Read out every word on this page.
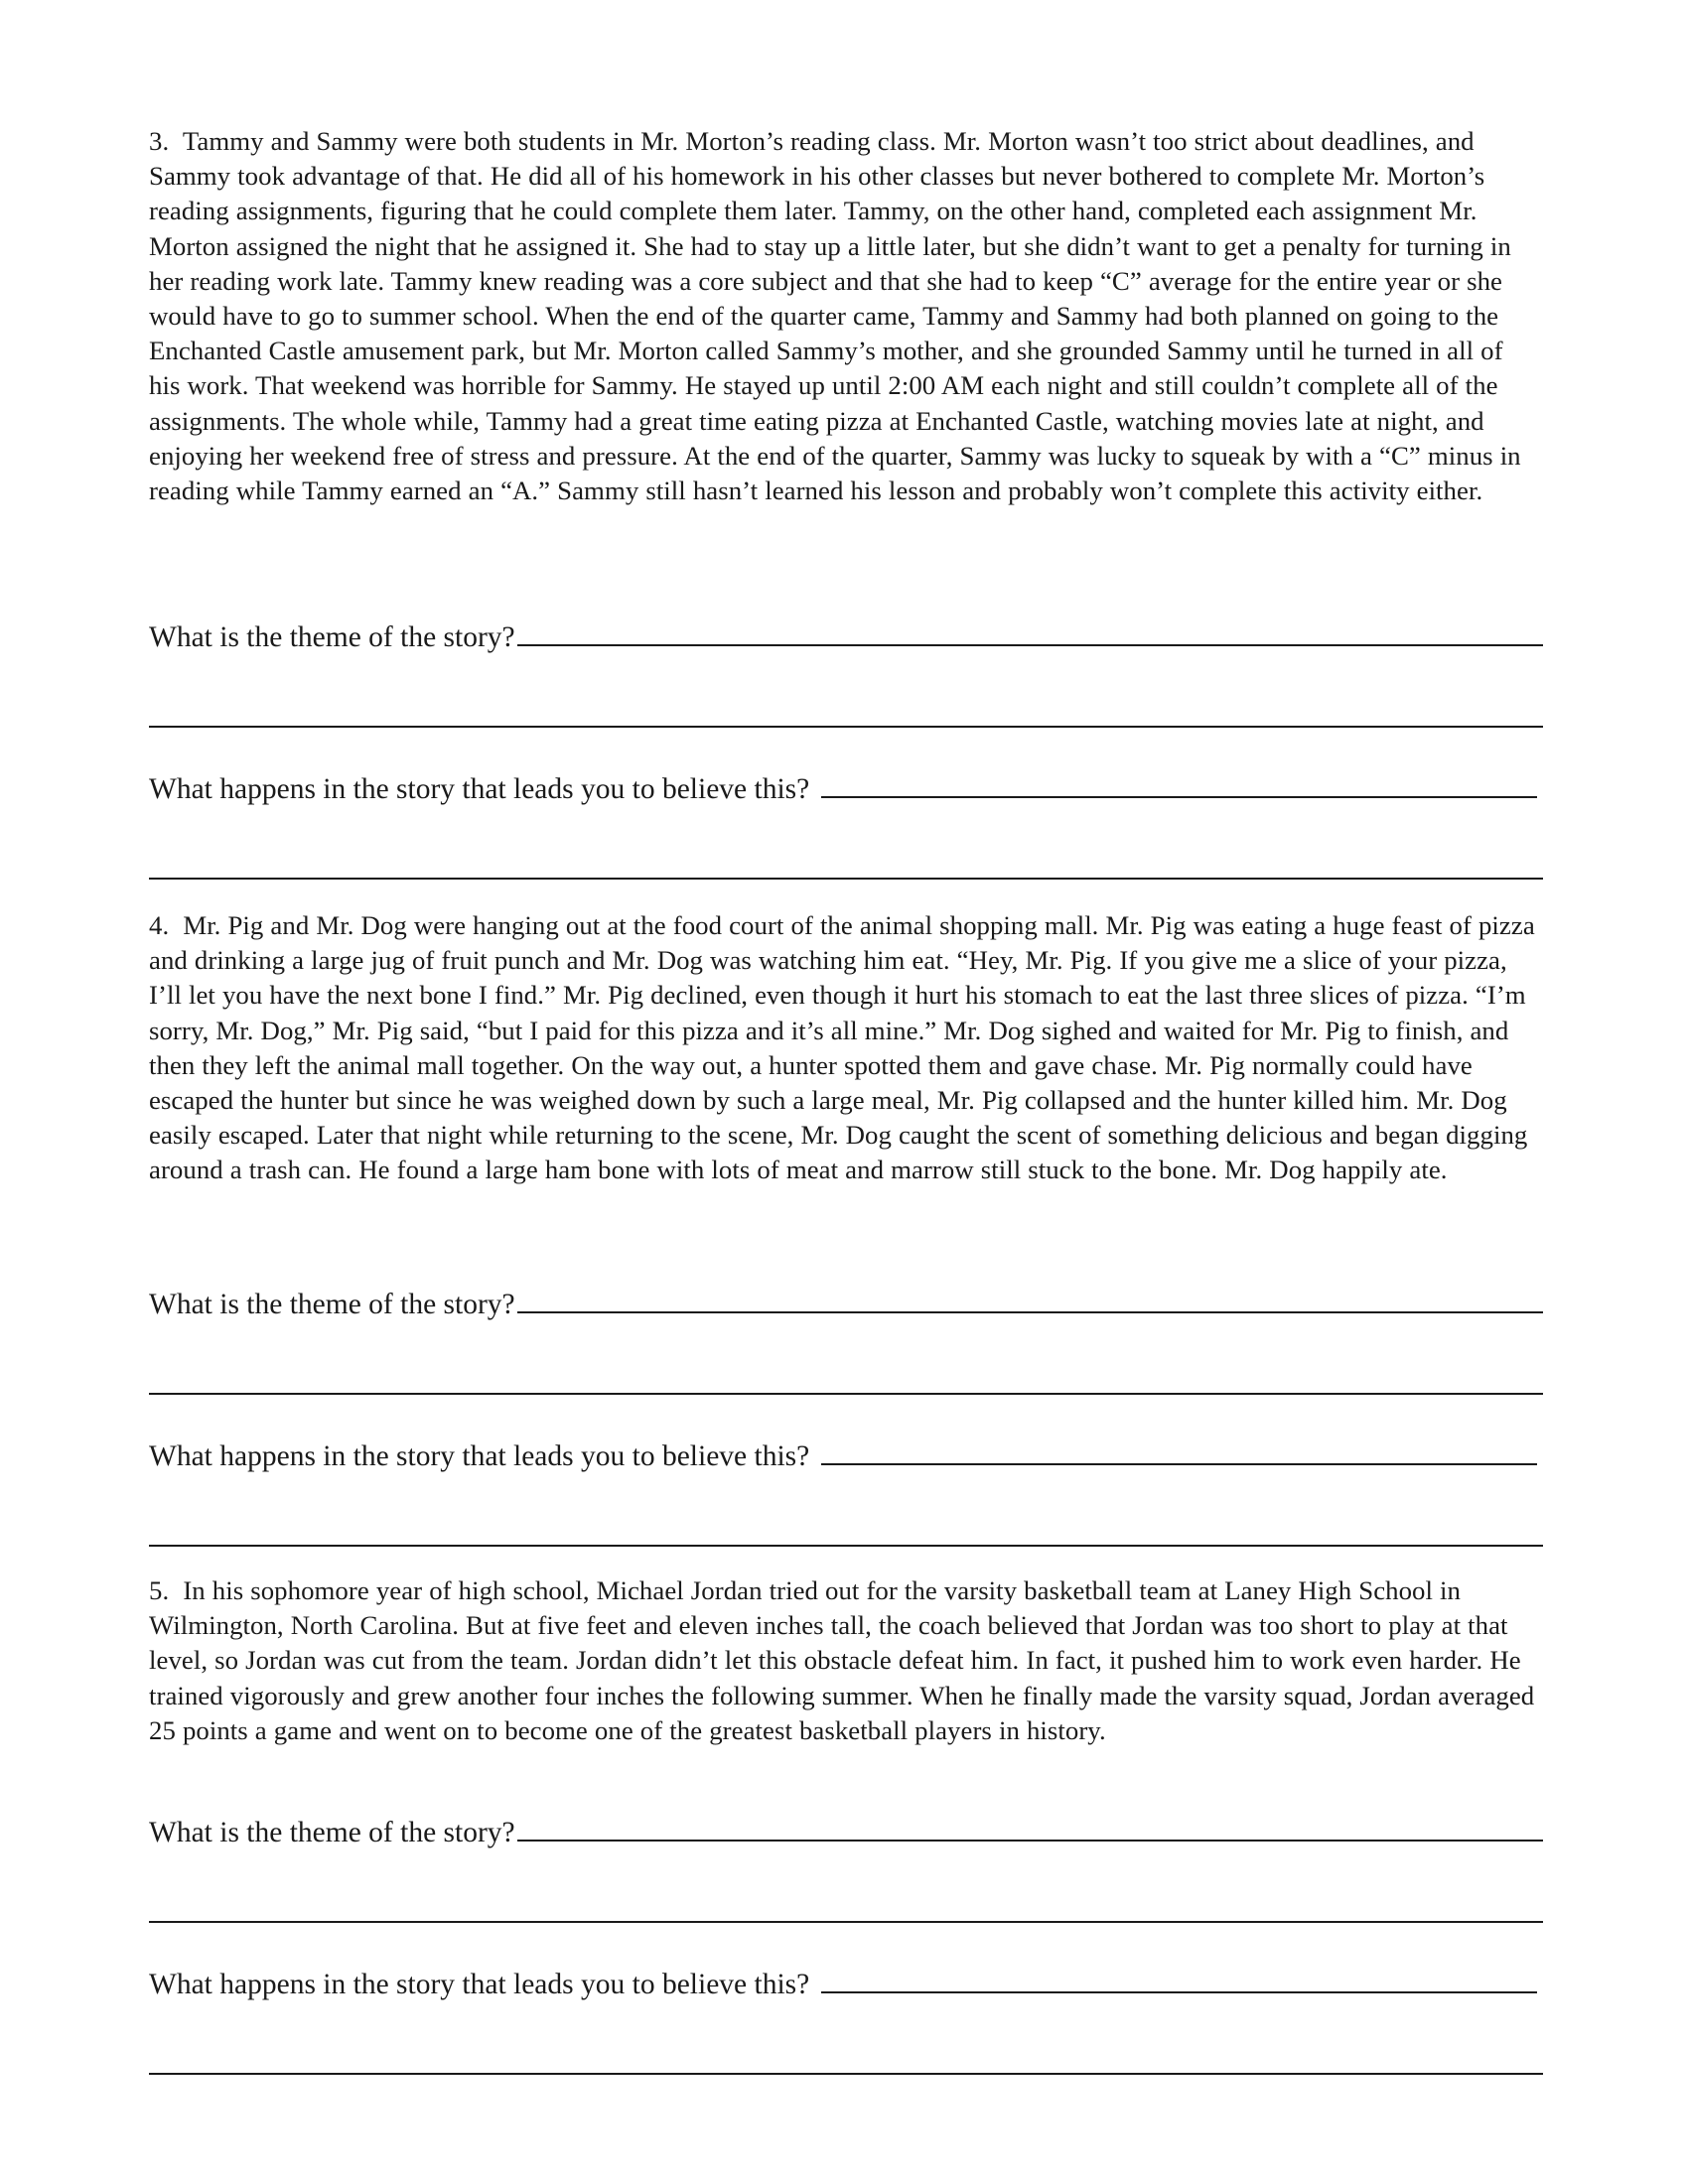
3. Tammy and Sammy were both students in Mr. Morton’s reading class. Mr. Morton wasn’t too strict about deadlines, and Sammy took advantage of that. He did all of his homework in his other classes but never bothered to complete Mr. Morton’s reading assignments, figuring that he could complete them later. Tammy, on the other hand, completed each assignment Mr. Morton assigned the night that he assigned it. She had to stay up a little later, but she didn’t want to get a penalty for turning in her reading work late. Tammy knew reading was a core subject and that she had to keep “C” average for the entire year or she would have to go to summer school. When the end of the quarter came, Tammy and Sammy had both planned on going to the Enchanted Castle amusement park, but Mr. Morton called Sammy’s mother, and she grounded Sammy until he turned in all of his work. That weekend was horrible for Sammy. He stayed up until 2:00 AM each night and still couldn’t complete all of the assignments. The whole while, Tammy had a great time eating pizza at Enchanted Castle, watching movies late at night, and enjoying her weekend free of stress and pressure. At the end of the quarter, Sammy was lucky to squeak by with a “C” minus in reading while Tammy earned an “A.” Sammy still hasn’t learned his lesson and probably won’t complete this activity either.

What is the theme of the story?
What happens in the story that leads you to believe this?

4. Mr. Pig and Mr. Dog were hanging out at the food court of the animal shopping mall. Mr. Pig was eating a huge feast of pizza and drinking a large jug of fruit punch and Mr. Dog was watching him eat. “Hey, Mr. Pig. If you give me a slice of your pizza, I’ll let you have the next bone I find.” Mr. Pig declined, even though it hurt his stomach to eat the last three slices of pizza. “I’m sorry, Mr. Dog,” Mr. Pig said, “but I paid for this pizza and it’s all mine.” Mr. Dog sighed and waited for Mr. Pig to finish, and then they left the animal mall together. On the way out, a hunter spotted them and gave chase. Mr. Pig normally could have escaped the hunter but since he was weighed down by such a large meal, Mr. Pig collapsed and the hunter killed him. Mr. Dog easily escaped. Later that night while returning to the scene, Mr. Dog caught the scent of something delicious and began digging around a trash can. He found a large ham bone with lots of meat and marrow still stuck to the bone. Mr. Dog happily ate.

What is the theme of the story?
What happens in the story that leads you to believe this?

5. In his sophomore year of high school, Michael Jordan tried out for the varsity basketball team at Laney High School in Wilmington, North Carolina. But at five feet and eleven inches tall, the coach believed that Jordan was too short to play at that level, so Jordan was cut from the team. Jordan didn’t let this obstacle defeat him. In fact, it pushed him to work even harder. He trained vigorously and grew another four inches the following summer. When he finally made the varsity squad, Jordan averaged 25 points a game and went on to become one of the greatest basketball players in history.

What is the theme of the story?
What happens in the story that leads you to believe this?
